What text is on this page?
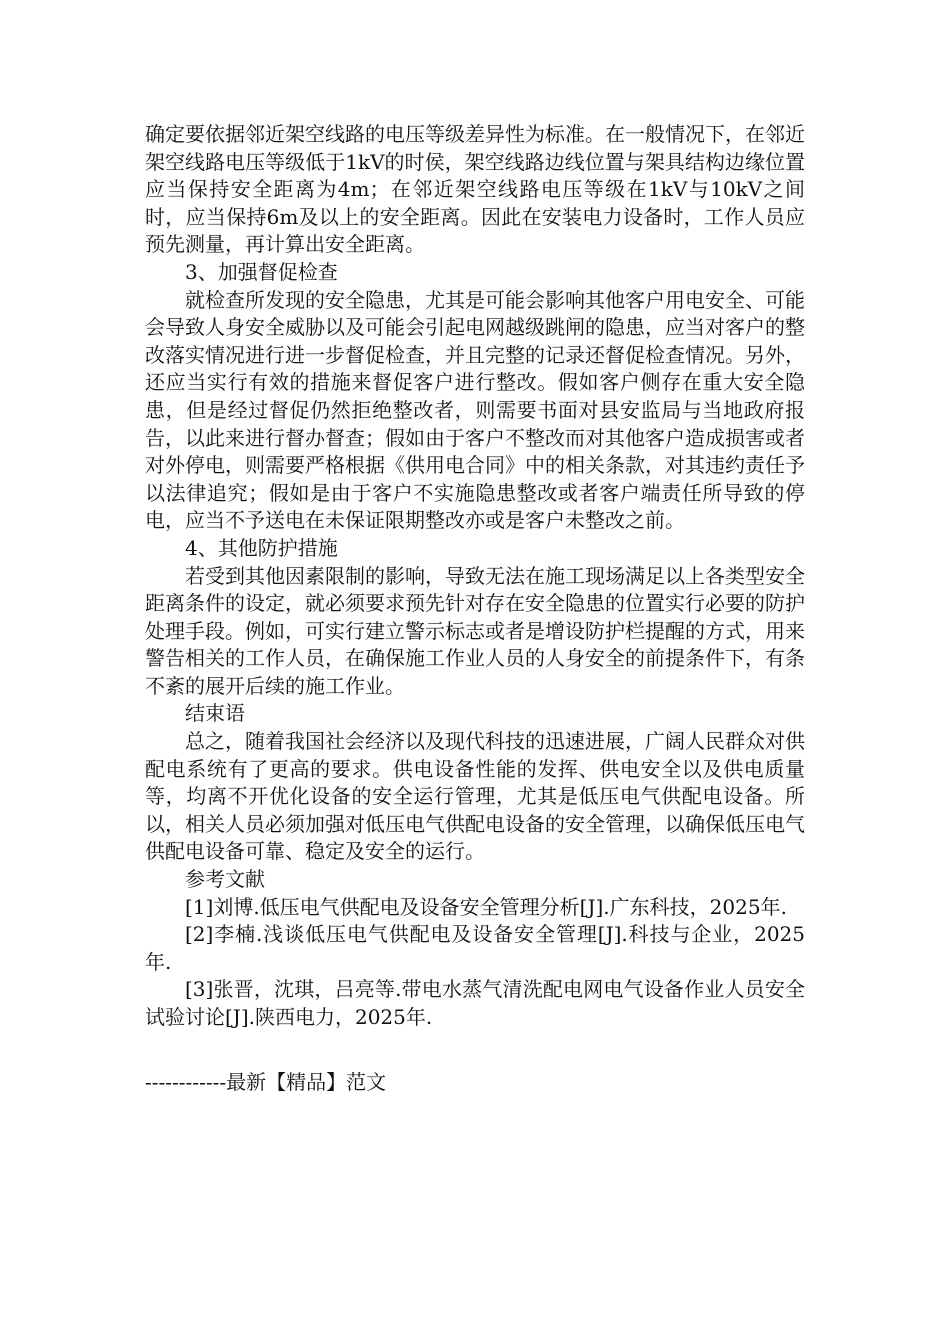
确定要依据邻近架空线路的电压等级差异性为标准。在一般情况下，在邻近架空线路电压等级低于1kV的时侯，架空线路边线位置与架具结构边缘位置应当保持安全距离为4m；在邻近架空线路电压等级在1kV与10kV之间时，应当保持6m及以上的安全距离。因此在安装电力设备时，工作人员应预先测量，再计算出安全距离。

3、加强督促检查

就检查所发现的安全隐患，尤其是可能会影响其他客户用电安全、可能会导致人身安全威胁以及可能会引起电网越级跳闸的隐患，应当对客户的整改落实情况进行进一步督促检查，并且完整的记录还督促检查情况。另外，还应当实行有效的措施来督促客户进行整改。假如客户侧存在重大安全隐患，但是经过督促仍然拒绝整改者，则需要书面对县安监局与当地政府报告，以此来进行督办督查；假如由于客户不整改而对其他客户造成损害或者对外停电，则需要严格根据《供用电合同》中的相关条款，对其违约责任予以法律追究；假如是由于客户不实施隐患整改或者客户端责任所导致的停电，应当不予送电在未保证限期整改亦或是客户未整改之前。

4、其他防护措施

若受到其他因素限制的影响，导致无法在施工现场满足以上各类型安全距离条件的设定，就必须要求预先针对存在安全隐患的位置实行必要的防护处理手段。例如，可实行建立警示标志或者是增设防护栏提醒的方式，用来警告相关的工作人员，在确保施工作业人员的人身安全的前提条件下，有条不紊的展开后续的施工作业。

结束语

总之，随着我国社会经济以及现代科技的迅速进展，广阔人民群众对供配电系统有了更高的要求。供电设备性能的发挥、供电安全以及供电质量等，均离不开优化设备的安全运行管理，尤其是低压电气供配电设备。所以，相关人员必须加强对低压电气供配电设备的安全管理，以确保低压电气供配电设备可靠、稳定及安全的运行。

参考文献

[1]刘博.低压电气供配电及设备安全管理分析[J].广东科技，2025年.

[2]李楠.浅谈低压电气供配电及设备安全管理[J].科技与企业，2025年.

[3]张晋，沈琪，吕亮等.带电水蒸气清洗配电网电气设备作业人员安全试验讨论[J].陕西电力，2025年.

------------最新【精品】范文
